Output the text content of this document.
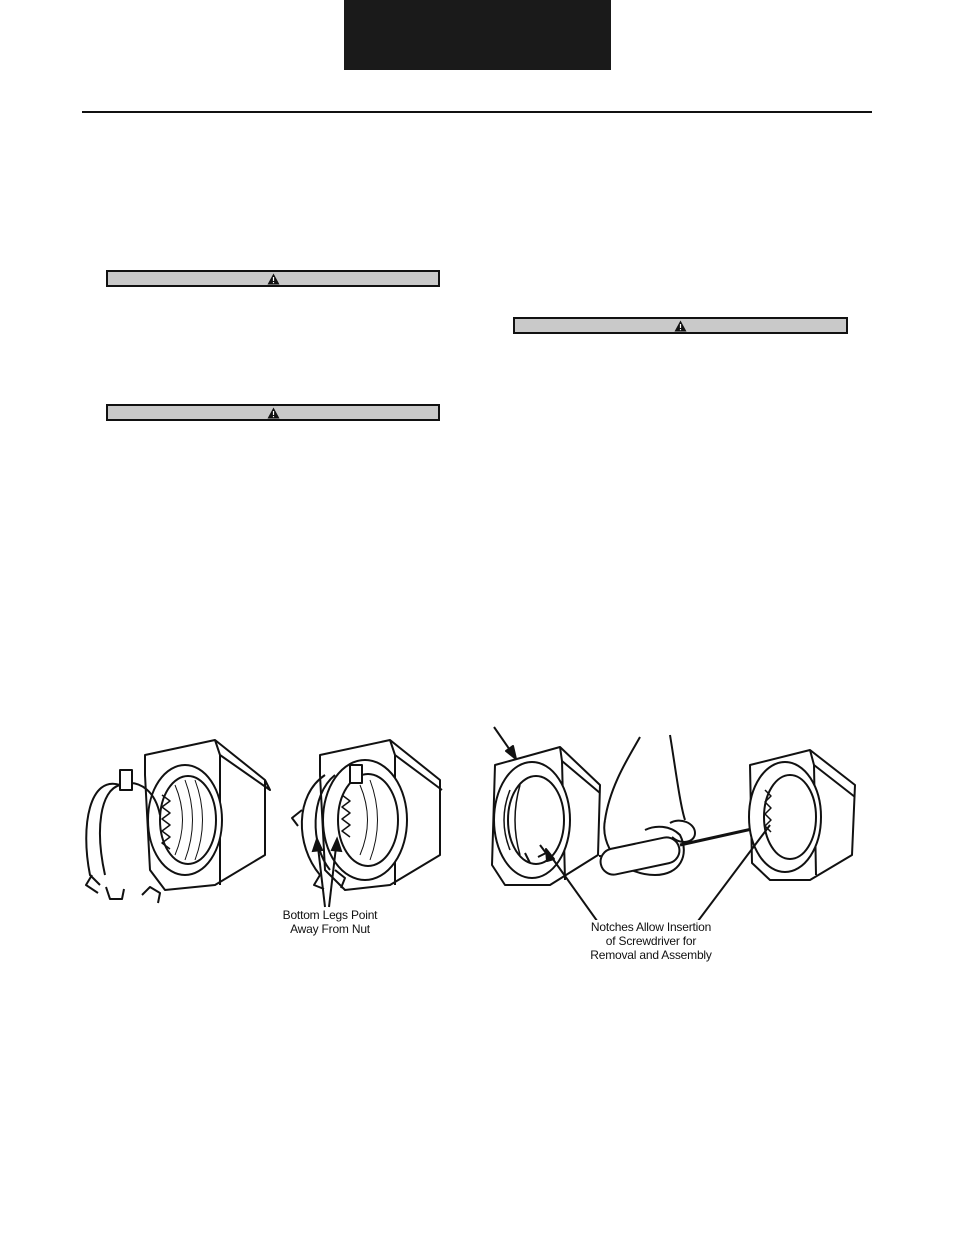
Bottom Legs Point
Away From Nut	Notches Allow Insertion
of Screwdriver for
Removal and Assembly
